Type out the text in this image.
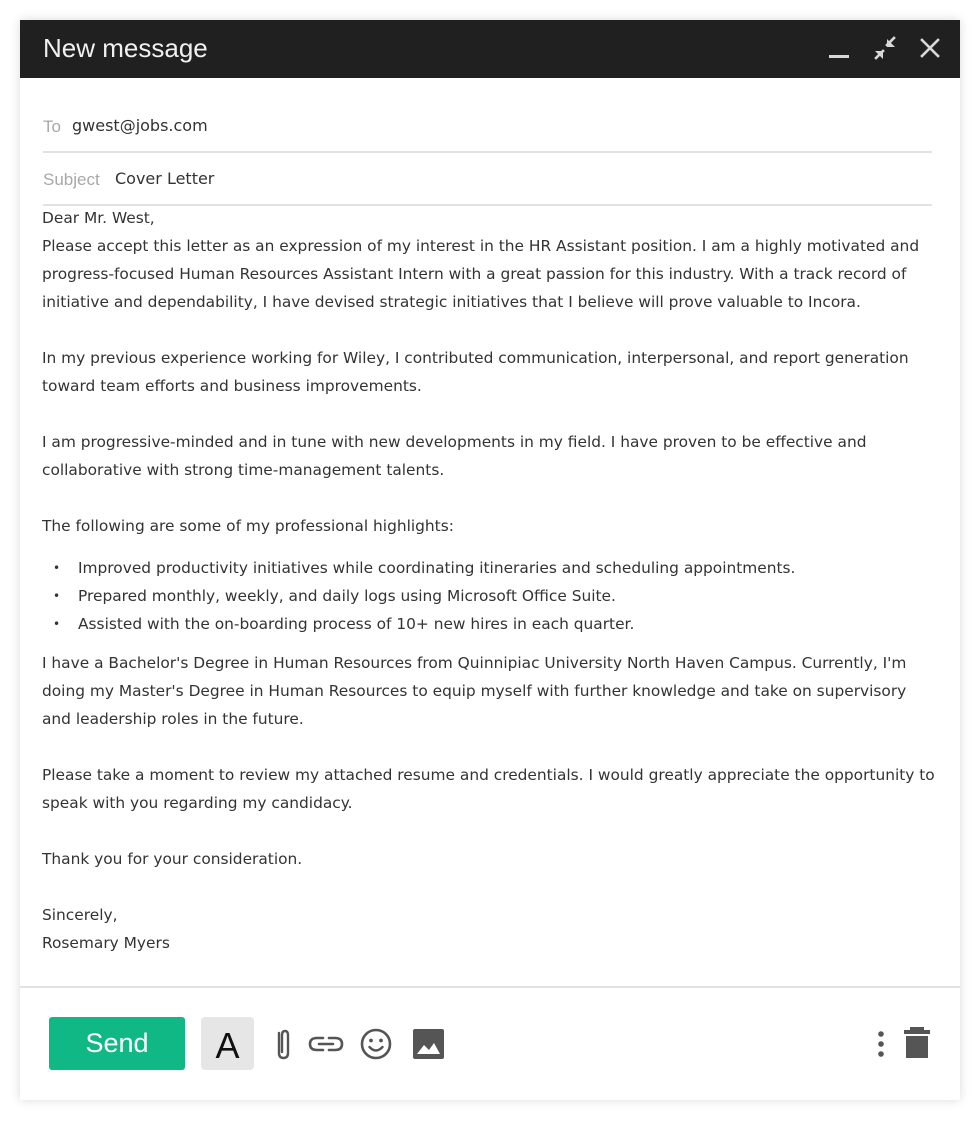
New message
To gwest@jobs.com
Subject Cover Letter

Dear Mr. West,

Please accept this letter as an expression of my interest in the HR Assistant position. I am a highly motivated and progress-focused Human Resources Assistant Intern with a great passion for this industry. With a track record of initiative and dependability, I have devised strategic initiatives that I believe will prove valuable to Incora.

In my previous experience working for Wiley, I contributed communication, interpersonal, and report generation toward team efforts and business improvements.

I am progressive-minded and in tune with new developments in my field. I have proven to be effective and collaborative with strong time-management talents.

The following are some of my professional highlights:

• Improved productivity initiatives while coordinating itineraries and scheduling appointments.
• Prepared monthly, weekly, and daily logs using Microsoft Office Suite.
• Assisted with the on-boarding process of 10+ new hires in each quarter.

I have a Bachelor's Degree in Human Resources from Quinnipiac University North Haven Campus. Currently, I'm doing my Master's Degree in Human Resources to equip myself with further knowledge and take on supervisory and leadership roles in the future.

Please take a moment to review my attached resume and credentials. I would greatly appreciate the opportunity to speak with you regarding my candidacy.

Thank you for your consideration.

Sincerely,

Rosemary Myers

Send	A
